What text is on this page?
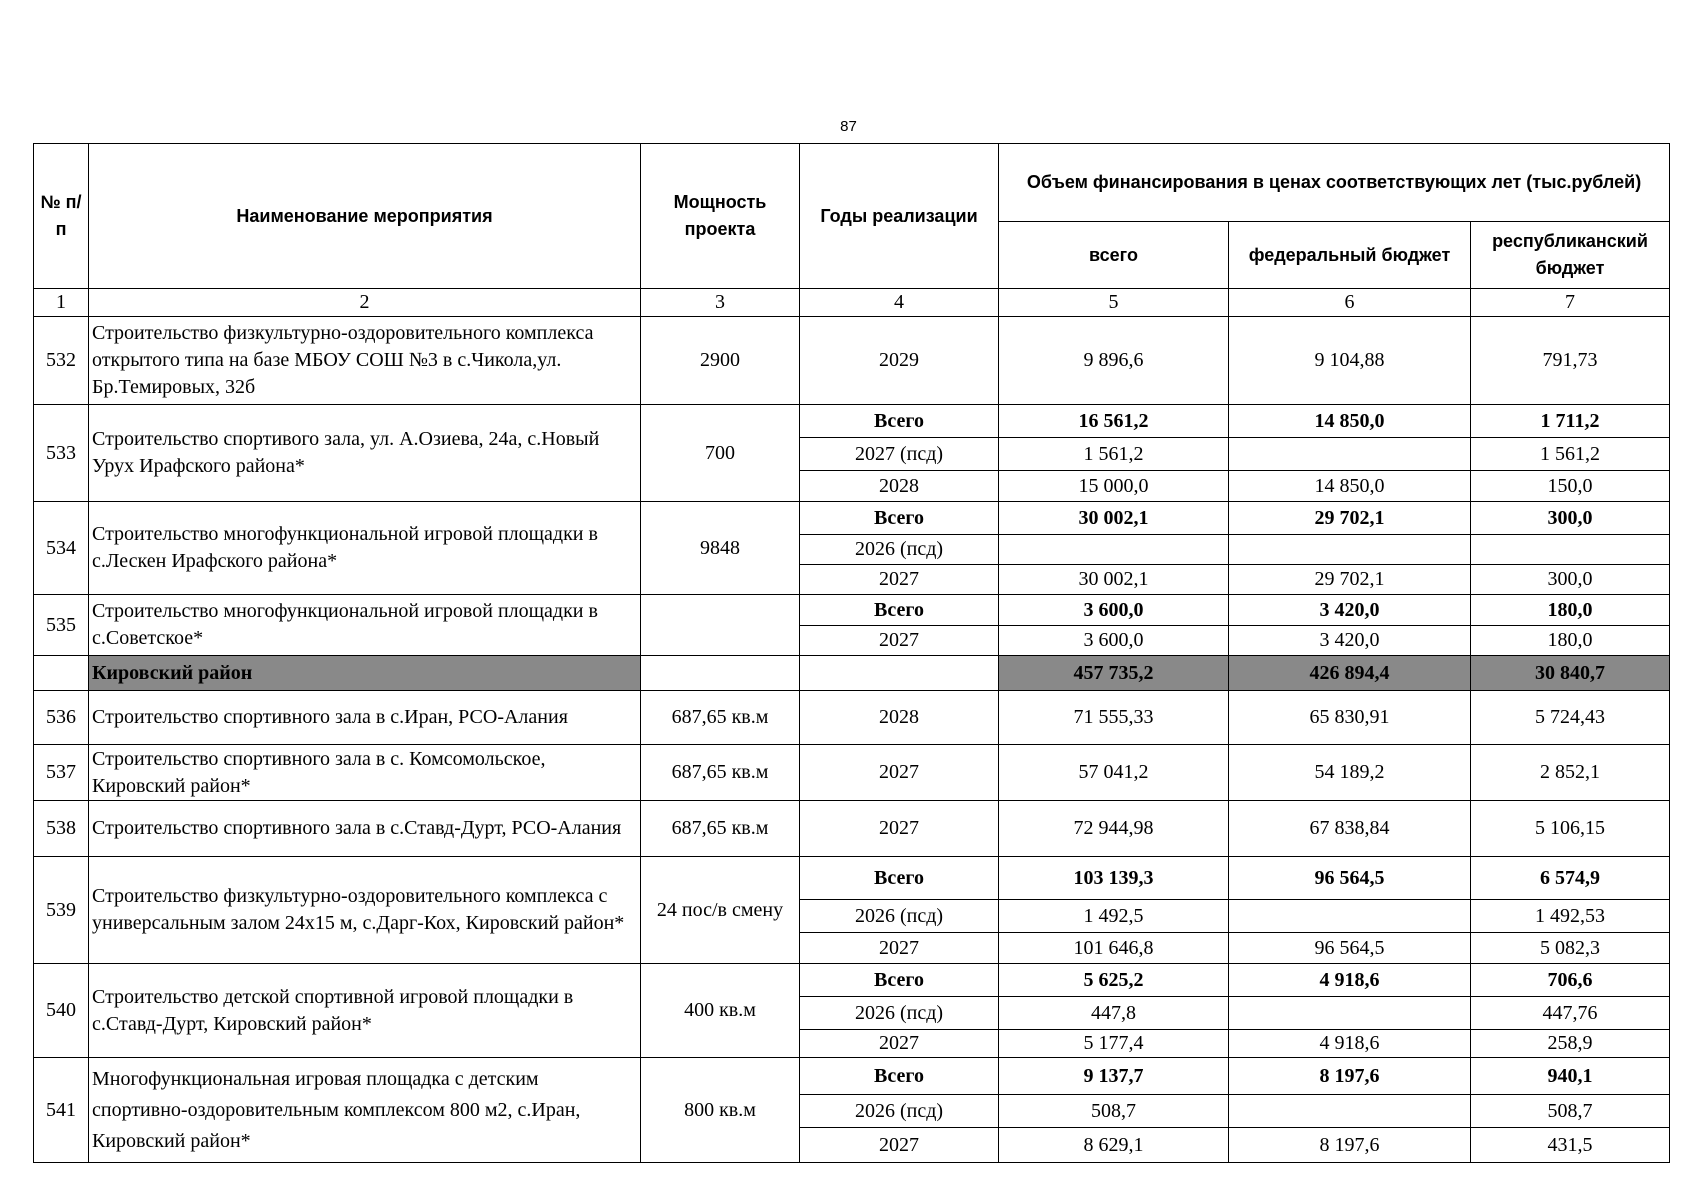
87
№ п/п	Наименование мероприятия	Мощность проекта	Годы реализации	Объем финансирования в ценах соответствующих лет (тыс.рублей)		
				всего	федеральный бюджет	республиканский бюджет
1	2	3	4	5	6	7
532	Строительство физкультурно-оздоровительного комплекса открытого типа на базе МБОУ СОШ №3 в с.Чикола,ул. Бр.Темировых, 32б	2900	2029	9 896,6	9 104,88	791,73
533	Строительство спортивого зала, ул. А.Озиева, 24а, с.Новый Урух Ирафского района*	700	Всего	16 561,2	14 850,0	1 711,2
			2027 (псд)	1 561,2		1 561,2
			2028	15 000,0	14 850,0	150,0
534	Строительство многофункциональной игровой площадки в с.Лескен Ирафского района*	9848	Всего	30 002,1	29 702,1	300,0
			2026 (псд)			
			2027	30 002,1	29 702,1	300,0
535	Строительство многофункциональной игровой площадки в с.Советское*		Всего	3 600,0	3 420,0	180,0
			2027	3 600,0	3 420,0	180,0
	Кировский район			457 735,2	426 894,4	30 840,7
536	Строительство спортивного зала в с.Иран, РСО-Алания	687,65 кв.м	2028	71 555,33	65 830,91	5 724,43
537	Строительство спортивного зала в с. Комсомольское, Кировский район*	687,65 кв.м	2027	57 041,2	54 189,2	2 852,1
538	Строительство спортивного зала в с.Ставд-Дурт, РСО-Алания	687,65 кв.м	2027	72 944,98	67 838,84	5 106,15
539	Строительство физкультурно-оздоровительного комплекса с универсальным залом 24х15 м, с.Дарг-Кох, Кировский район*	24 пос/в смену	Всего	103 139,3	96 564,5	6 574,9
			2026 (псд)	1 492,5		1 492,53
			2027	101 646,8	96 564,5	5 082,3
540	Строительство детской спортивной игровой площадки в с.Ставд-Дурт, Кировский район*	400 кв.м	Всего	5 625,2	4 918,6	706,6
			2026 (псд)	447,8		447,76
			2027	5 177,4	4 918,6	258,9
541	Многофункциональная игровая площадка с детским спортивно-оздоровительным комплексом 800 м2, с.Иран, Кировский район*	800 кв.м	Всего	9 137,7	8 197,6	940,1
			2026 (псд)	508,7		508,7
			2027	8 629,1	8 197,6	431,5
